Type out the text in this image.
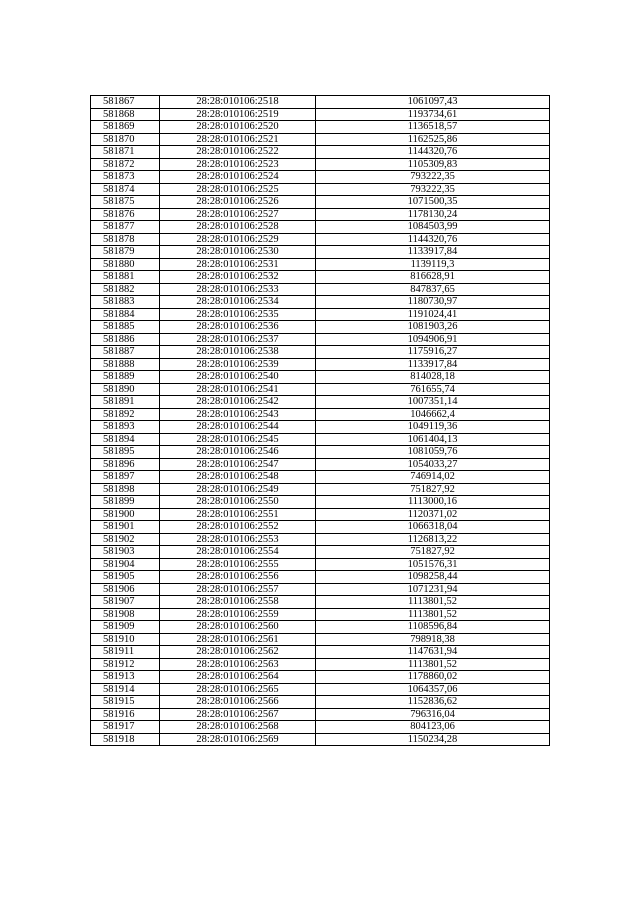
581867	28:28:010106:2518	1061097,43
581868	28:28:010106:2519	1193734,61
581869	28:28:010106:2520	1136518,57
581870	28:28:010106:2521	1162525,86
581871	28:28:010106:2522	1144320,76
581872	28:28:010106:2523	1105309,83
581873	28:28:010106:2524	793222,35
581874	28:28:010106:2525	793222,35
581875	28:28:010106:2526	1071500,35
581876	28:28:010106:2527	1178130,24
581877	28:28:010106:2528	1084503,99
581878	28:28:010106:2529	1144320,76
581879	28:28:010106:2530	1133917,84
581880	28:28:010106:2531	1139119,3
581881	28:28:010106:2532	816628,91
581882	28:28:010106:2533	847837,65
581883	28:28:010106:2534	1180730,97
581884	28:28:010106:2535	1191024,41
581885	28:28:010106:2536	1081903,26
581886	28:28:010106:2537	1094906,91
581887	28:28:010106:2538	1175916,27
581888	28:28:010106:2539	1133917,84
581889	28:28:010106:2540	814028,18
581890	28:28:010106:2541	761655,74
581891	28:28:010106:2542	1007351,14
581892	28:28:010106:2543	1046662,4
581893	28:28:010106:2544	1049119,36
581894	28:28:010106:2545	1061404,13
581895	28:28:010106:2546	1081059,76
581896	28:28:010106:2547	1054033,27
581897	28:28:010106:2548	746914,02
581898	28:28:010106:2549	751827,92
581899	28:28:010106:2550	1113000,16
581900	28:28:010106:2551	1120371,02
581901	28:28:010106:2552	1066318,04
581902	28:28:010106:2553	1126813,22
581903	28:28:010106:2554	751827,92
581904	28:28:010106:2555	1051576,31
581905	28:28:010106:2556	1098258,44
581906	28:28:010106:2557	1071231,94
581907	28:28:010106:2558	1113801,52
581908	28:28:010106:2559	1113801,52
581909	28:28:010106:2560	1108596,84
581910	28:28:010106:2561	798918,38
581911	28:28:010106:2562	1147631,94
581912	28:28:010106:2563	1113801,52
581913	28:28:010106:2564	1178860,02
581914	28:28:010106:2565	1064357,06
581915	28:28:010106:2566	1152836,62
581916	28:28:010106:2567	796316,04
581917	28:28:010106:2568	804123,06
581918	28:28:010106:2569	1150234,28
